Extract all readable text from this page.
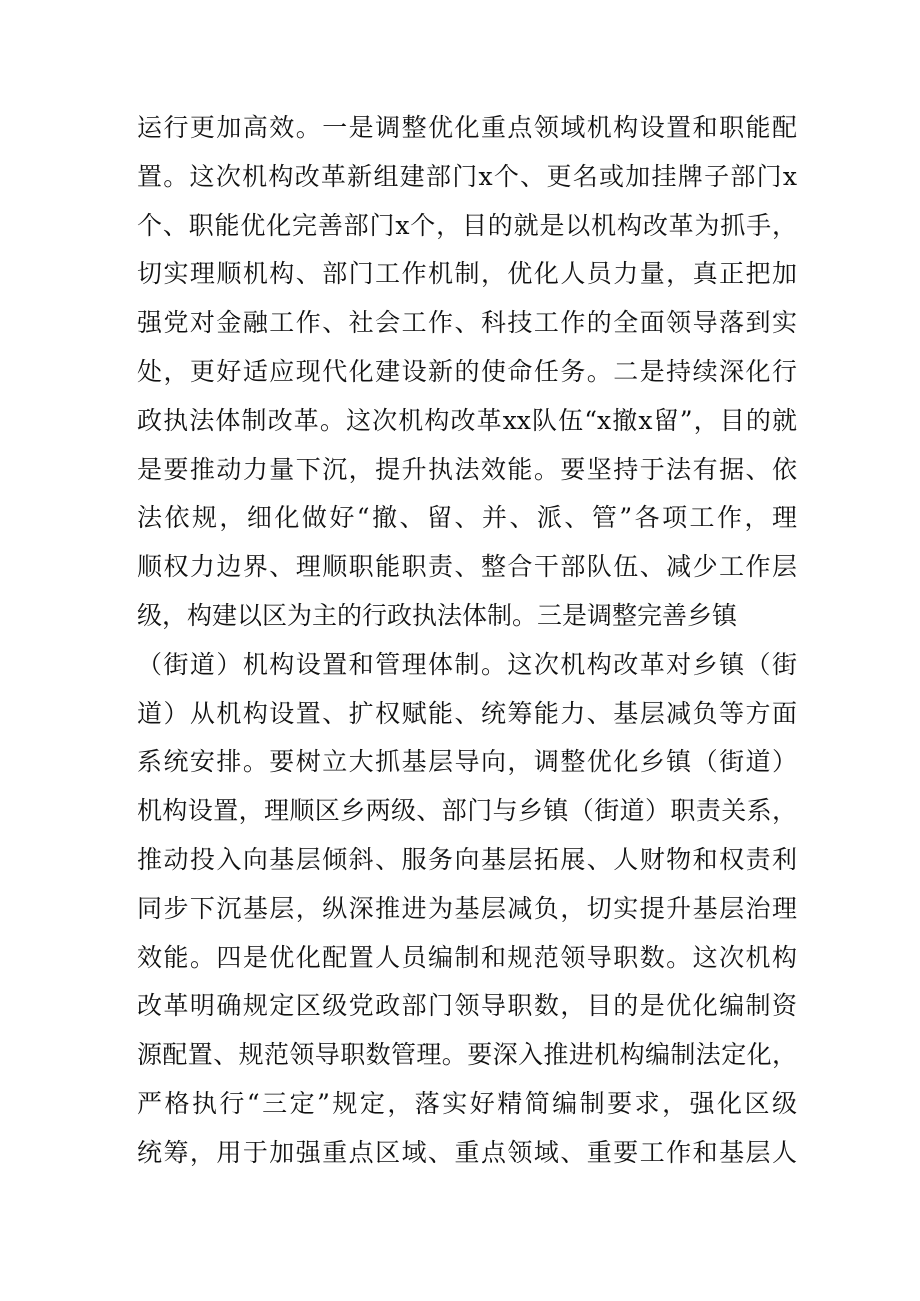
运行更加高效。一是调整优化重点领域机构设置和职能配
置。这次机构改革新组建部门x个、更名或加挂牌子部门x
个、职能优化完善部门x个，目的就是以机构改革为抓手，
切实理顺机构、部门工作机制，优化人员力量，真正把加
强党对金融工作、社会工作、科技工作的全面领导落到实
处，更好适应现代化建设新的使命任务。二是持续深化行
政执法体制改革。这次机构改革xx队伍“x撤x留”，目的就
是要推动力量下沉，提升执法效能。要坚持于法有据、依
法依规，细化做好“撤、留、并、派、管”各项工作，理
顺权力边界、理顺职能职责、整合干部队伍、减少工作层
级，构建以区为主的行政执法体制。三是调整完善乡镇
（街道）机构设置和管理体制。这次机构改革对乡镇（街
道）从机构设置、扩权赋能、统筹能力、基层减负等方面
系统安排。要树立大抓基层导向，调整优化乡镇（街道）
机构设置，理顺区乡两级、部门与乡镇（街道）职责关系，
推动投入向基层倾斜、服务向基层拓展、人财物和权责利
同步下沉基层，纵深推进为基层减负，切实提升基层治理
效能。四是优化配置人员编制和规范领导职数。这次机构
改革明确规定区级党政部门领导职数，目的是优化编制资
源配置、规范领导职数管理。要深入推进机构编制法定化，
严格执行“三定”规定，落实好精简编制要求，强化区级
统筹，用于加强重点区域、重点领域、重要工作和基层人
